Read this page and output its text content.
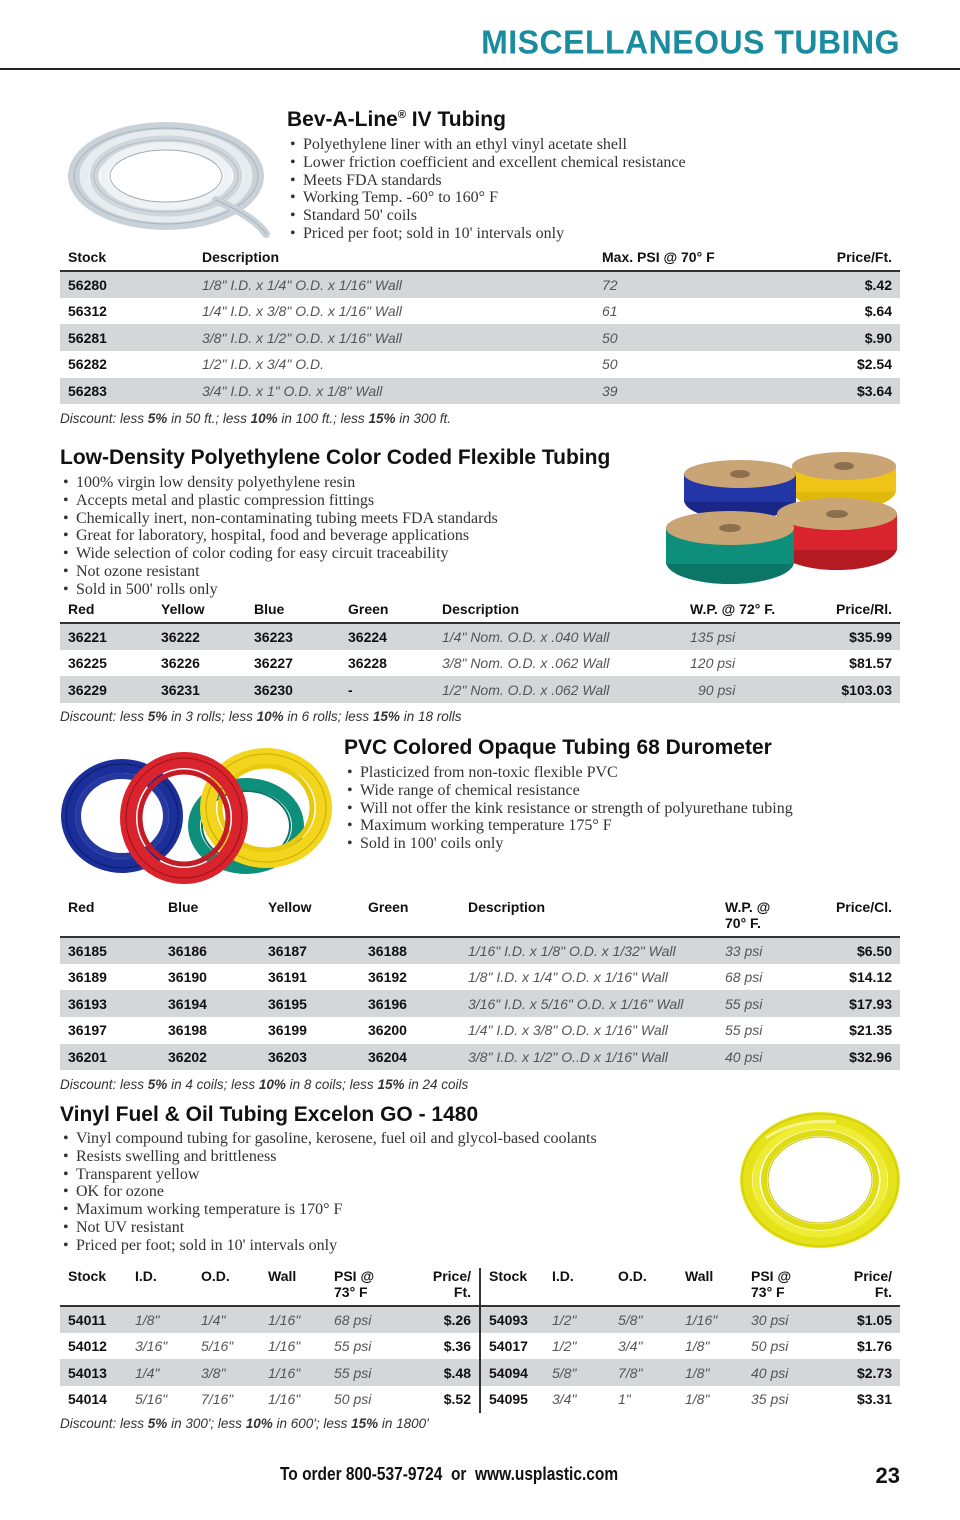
MISCELLANEOUS TUBING
Bev-A-Line® IV Tubing
• Polyethylene liner with an ethyl vinyl acetate shell
• Lower friction coefficient and excellent chemical resistance
• Meets FDA standards
• Working Temp. -60° to 160° F
• Standard 50' coils
• Priced per foot; sold in 10' intervals only
Stock	Description	Max. PSI @ 70° F	Price/Ft.
56280	1/8" I.D. x 1/4" O.D. x 1/16" Wall	72	$.42
56312	1/4" I.D. x 3/8" O.D. x 1/16" Wall	61	$.64
56281	3/8" I.D. x 1/2" O.D. x 1/16" Wall	50	$.90
56282	1/2" I.D. x 3/4" O.D.	50	$2.54
56283	3/4" I.D. x 1" O.D. x 1/8" Wall	39	$3.64
Discount: less 5% in 50 ft.; less 10% in 100 ft.; less 15% in 300 ft.
Low-Density Polyethylene Color Coded Flexible Tubing
• 100% virgin low density polyethylene resin
• Accepts metal and plastic compression fittings
• Chemically inert, non-contaminating tubing meets FDA standards
• Great for laboratory, hospital, food and beverage applications
• Wide selection of color coding for easy circuit traceability
• Not ozone resistant
• Sold in 500' rolls only
Red	Yellow	Blue	Green	Description	W.P. @ 72° F.	Price/Rl.
36221	36222	36223	36224	1/4" Nom. O.D. x .040 Wall	135 psi	$35.99
36225	36226	36227	36228	3/8" Nom. O.D. x .062 Wall	120 psi	$81.57
36229	36231	36230	-	1/2" Nom. O.D. x .062 Wall	90 psi	$103.03
Discount: less 5% in 3 rolls; less 10% in 6 rolls; less 15% in 18 rolls
PVC Colored Opaque Tubing 68 Durometer
• Plasticized from non-toxic flexible PVC
• Wide range of chemical resistance
• Will not offer the kink resistance or strength of polyurethane tubing
• Maximum working temperature 175° F
• Sold in 100' coils only
Red	Blue	Yellow	Green	Description	W.P. @
70° F.	Price/Cl.
36185	36186	36187	36188	1/16" I.D. x 1/8" O.D. x 1/32" Wall	33 psi	$6.50
36189	36190	36191	36192	1/8" I.D. x 1/4" O.D. x 1/16" Wall	68 psi	$14.12
36193	36194	36195	36196	3/16" I.D. x 5/16" O.D. x 1/16" Wall	55 psi	$17.93
36197	36198	36199	36200	1/4" I.D. x 3/8" O.D. x 1/16" Wall	55 psi	$21.35
36201	36202	36203	36204	3/8" I.D. x 1/2" O..D x 1/16" Wall	40 psi	$32.96
Discount: less 5% in 4 coils; less 10% in 8 coils; less 15% in 24 coils
Vinyl Fuel & Oil Tubing Excelon GO - 1480
• Vinyl compound tubing for gasoline, kerosene, fuel oil and glycol-based coolants
• Resists swelling and brittleness
• Transparent yellow
• OK for ozone
• Maximum working temperature is 170° F
• Not UV resistant
• Priced per foot; sold in 10' intervals only
Stock	I.D.	O.D.	Wall	PSI @
73° F	Price/
Ft.	Stock	I.D.	O.D.	Wall	PSI @
73° F	Price/
Ft.
54011	1/8"	1/4"	1/16"	68 psi	$.26	54093	1/2"	5/8"	1/16"	30 psi	$1.05
54012	3/16"	5/16"	1/16"	55 psi	$.36	54017	1/2"	3/4"	1/8"	50 psi	$1.76
54013	1/4"	3/8"	1/16"	55 psi	$.48	54094	5/8"	7/8"	1/8"	40 psi	$2.73
54014	5/16"	7/16"	1/16"	50 psi	$.52	54095	3/4"	1"	1/8"	35 psi	$3.31
Discount: less 5% in 300'; less 10% in 600'; less 15% in 1800'
To order 800-537-9724 or www.usplastic.com	23
